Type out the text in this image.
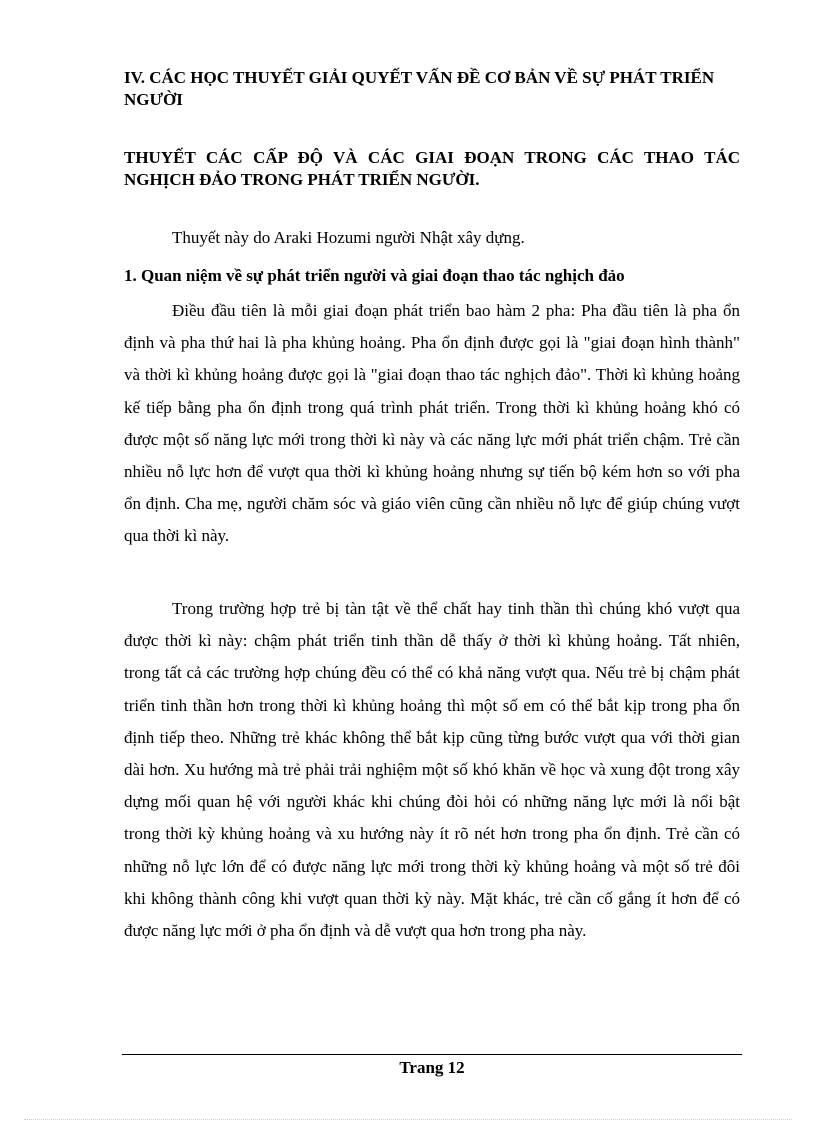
IV. CÁC HỌC THUYẾT GIẢI QUYẾT VẤN ĐỀ CƠ BẢN VỀ SỰ PHÁT TRIỂN NGƯỜI
THUYẾT CÁC CẤP ĐỘ VÀ CÁC GIAI ĐOẠN TRONG CÁC THAO TÁC NGHỊCH ĐẢO TRONG PHÁT TRIỂN NGƯỜI.

Thuyết này do Araki Hozumi người Nhật xây dựng.

1. Quan niệm về sự phát triển người và giai đoạn thao tác nghịch đảo

Điều đầu tiên là mỗi giai đoạn phát triển bao hàm 2 pha: Pha đầu tiên là pha ổn định và pha thứ hai là pha khủng hoảng. Pha ổn định được gọi là "giai đoạn hình thành" và thời kì khủng hoảng được gọi là "giai đoạn thao tác nghịch đảo". Thời kì khủng hoảng kế tiếp bằng pha ổn định trong quá trình phát triển. Trong thời kì khủng hoảng khó có được một số năng lực mới trong thời kì này và các năng lực mới phát triển chậm. Trẻ cần nhiều nỗ lực hơn để vượt qua thời kì khủng hoảng nhưng sự tiến bộ kém hơn so với pha ổn định. Cha mẹ, người chăm sóc và giáo viên cũng cần nhiều nỗ lực để giúp chúng vượt qua thời kì này.

Trong trường hợp trẻ bị tàn tật về thể chất hay tinh thần thì chúng khó vượt qua được thời kì này: chậm phát triển tinh thần dễ thấy ở thời kì khủng hoảng. Tất nhiên, trong tất cả các trường hợp chúng đều có thể có khả năng vượt qua. Nếu trẻ bị chậm phát triển tinh thần hơn trong thời kì khủng hoảng thì một số em có thể bắt kịp trong pha ổn định tiếp theo. Những trẻ khác không thể bắt kịp cũng từng bước vượt qua với thời gian dài hơn. Xu hướng mà trẻ phải trải nghiệm một số khó khăn về học và xung đột trong xây dựng mối quan hệ với người khác khi chúng đòi hỏi có những năng lực mới là nổi bật trong thời kỳ khủng hoảng và xu hướng này ít rõ nét hơn trong pha ổn định. Trẻ cần có những nỗ lực lớn để có được năng lực mới trong thời kỳ khủng hoảng và một số trẻ đôi khi không thành công khi vượt quan thời kỳ này. Mặt khác, trẻ cần cố gắng ít hơn để có được năng lực mới ở pha ổn định và dễ vượt qua hơn trong pha này.

Trang 12
